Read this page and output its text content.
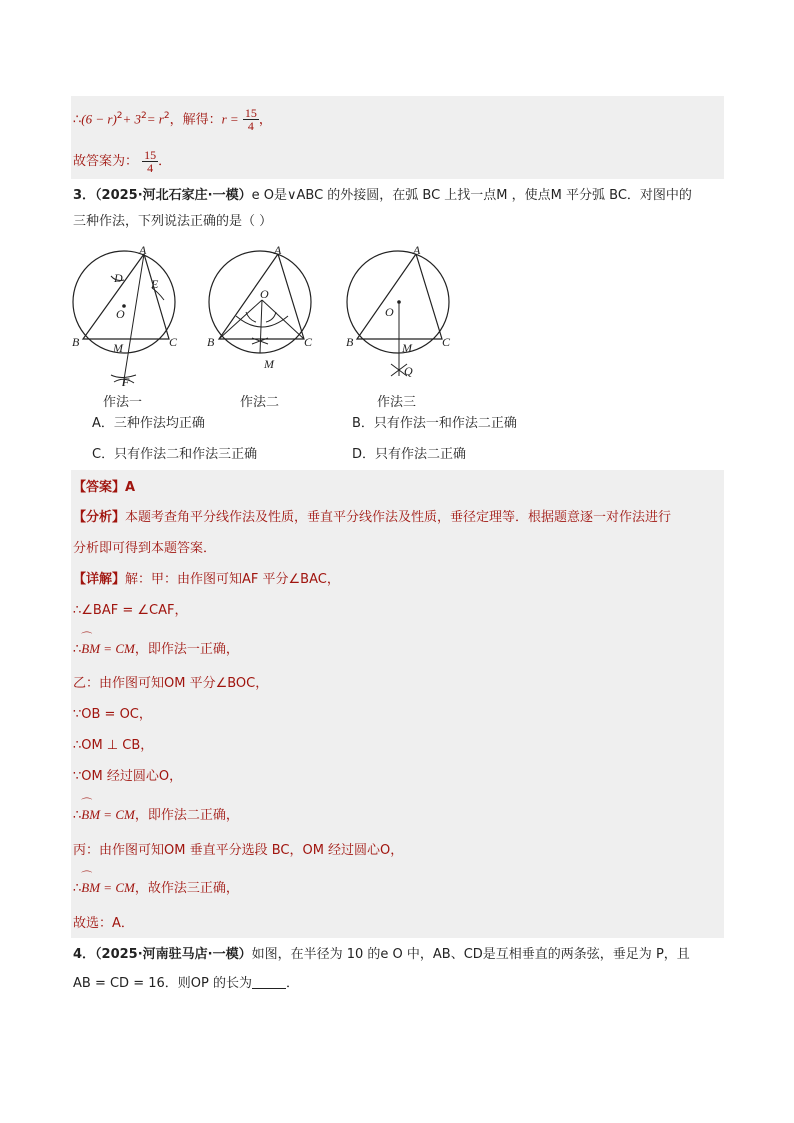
∴(6 − $r)^2+ 3^2= r^2$，解得：$r = \frac{15}{4}$ ，
故答案为： $\frac{15}{4}$ ．
3．（2025·河北石家庄·一模）e O是∨ABC 的外接圆，在弧 BC 上找一点M ，使点M 平分弧 BC．对图中的
三种作法，下列说法正确的是（ ）
A
B	C
O
M
D E
F
A
B	C
O
M
A
B	C
O
M
Q
作法一	作法二	作法三
A．三种作法均正确	B．只有作法一和作法二正确
C．只有作法二和作法三正确	D．只有作法二正确
【答案】A
【分析】本题考查角平分线作法及性质，垂直平分线作法及性质，垂径定理等．根据题意逐一对作法进行
分析即可得到本题答案．
【详解】解：甲：由作图可知AF 平分∠BAC，
∴∠BAF = ∠CAF，
∴⌒ BM = CM，即作法一正确，
乙：由作图可知OM 平分∠BOC，
∵OB = OC，
∴OM ⊥ CB，
∵OM 经过圆心O，
∴⌒ BM = CM，即作法二正确，
丙：由作图可知OM 垂直平分选段 BC，OM 经过圆心O，
∴⌒ BM = CM，故作法三正确，
故选：A．
4．（2025·河南驻马店·一模）如图，在半径为 10 的e O 中，AB、CD是互相垂直的两条弦，垂足为 P，且
AB = CD = 16．则OP 的长为	．
